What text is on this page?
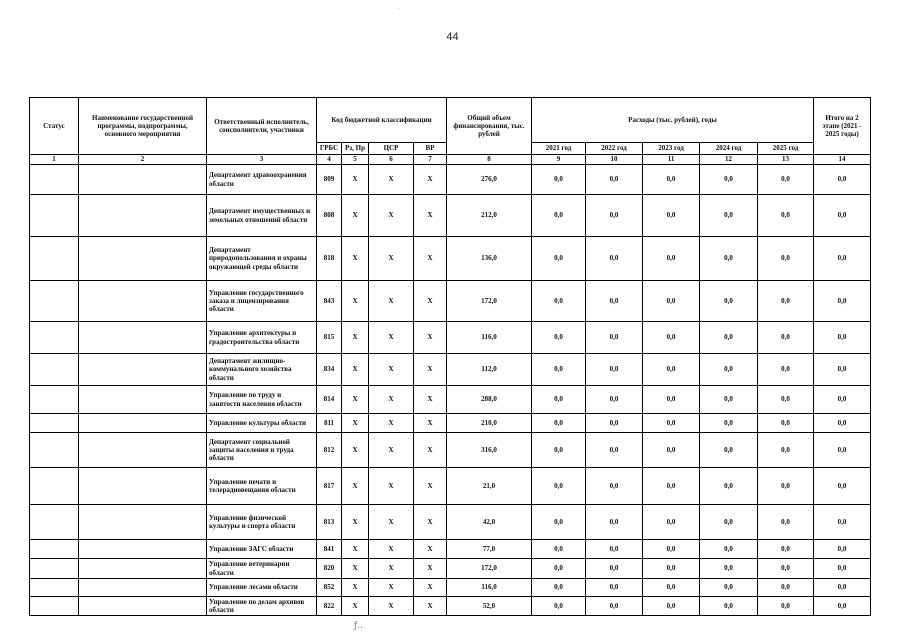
·
44
Статус	Наименование государственной программы, подпрограммы, основного мероприятия	Ответственный исполнитель, соисполнители, участники	Код бюджетной классификации				Общий объем финансирования, тыс. рублей	Расходы (тыс. рублей), годы					Итого на 2 этапе (2021 - 2025 годы)
			ГРБС	Рз, Пр	ЦСР	ВР		2021 год	2022 год	2023 год	2024 год	2025 год	
1	2	3	4	5	6	7	8	9	10	11	12	13	14
		Департамент здравоохранения области	809	Х	Х	Х	276,0	0,0	0,0	0,0	0,0	0,0	0,0
		Департамент имущественных и земельных отношений области	808	Х	Х	Х	212,0	0,0	0,0	0,0	0,0	0,0	0,0
		Департамент природопользования и охраны окружающей среды области	818	Х	Х	Х	136,0	0,0	0,0	0,0	0,0	0,0	0,0
		Управление государственного заказа и лицензирования области	843	Х	Х	Х	172,0	0,0	0,0	0,0	0,0	0,0	0,0
		Управление архитектуры и градостроительства области	815	Х	Х	Х	116,0	0,0	0,0	0,0	0,0	0,0	0,0
		Департамент жилищно-коммунального хозяйства области	834	Х	Х	Х	112,0	0,0	0,0	0,0	0,0	0,0	0,0
		Управление по труду и занятости населения области	814	Х	Х	Х	288,0	0,0	0,0	0,0	0,0	0,0	0,0
		Управление культуры области	811	Х	Х	Х	210,0	0,0	0,0	0,0	0,0	0,0	0,0
		Департамент социальной защиты населения и труда области	812	Х	Х	Х	316,0	0,0	0,0	0,0	0,0	0,0	0,0
		Управление печати и телерадиовещания области	817	Х	Х	Х	21,0	0,0	0,0	0,0	0,0	0,0	0,0
		Управление физической культуры и спорта области	813	Х	Х	Х	42,0	0,0	0,0	0,0	0,0	0,0	0,0
		Управление ЗАГС области	841	Х	Х	Х	77,0	0,0	0,0	0,0	0,0	0,0	0,0
		Управление ветеринарии области	820	Х	Х	Х	172,0	0,0	0,0	0,0	0,0	0,0	0,0
		Управление лесами области	852	Х	Х	Х	116,0	0,0	0,0	0,0	0,0	0,0	0,0
		Управление по делам архивов области	822	Х	Х	Х	52,0	0,0	0,0	0,0	0,0	0,0	0,0
ƒ..
